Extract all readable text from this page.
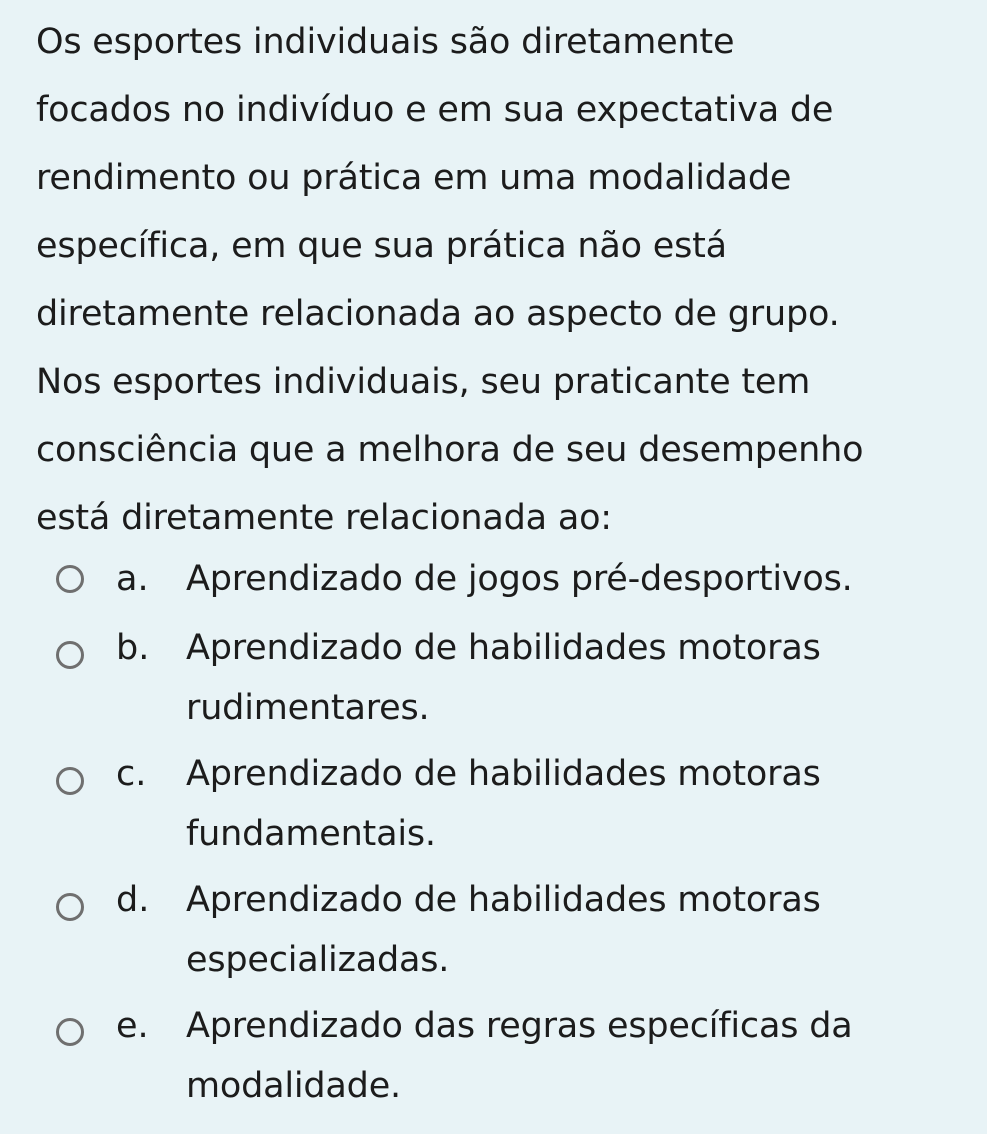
Os esportes individuais são diretamente
focados no indivíduo e em sua expectativa de
rendimento ou prática em uma modalidade
específica, em que sua prática não está
diretamente relacionada ao aspecto de grupo.
Nos esportes individuais, seu praticante tem
consciência que a melhora de seu desempenho
está diretamente relacionada ao:
a. Aprendizado de jogos pré-desportivos.
b. Aprendizado de habilidades motoras
rudimentares.
c. Aprendizado de habilidades motoras
fundamentais.
d. Aprendizado de habilidades motoras
especializadas.
e. Aprendizado das regras específicas da
modalidade.
